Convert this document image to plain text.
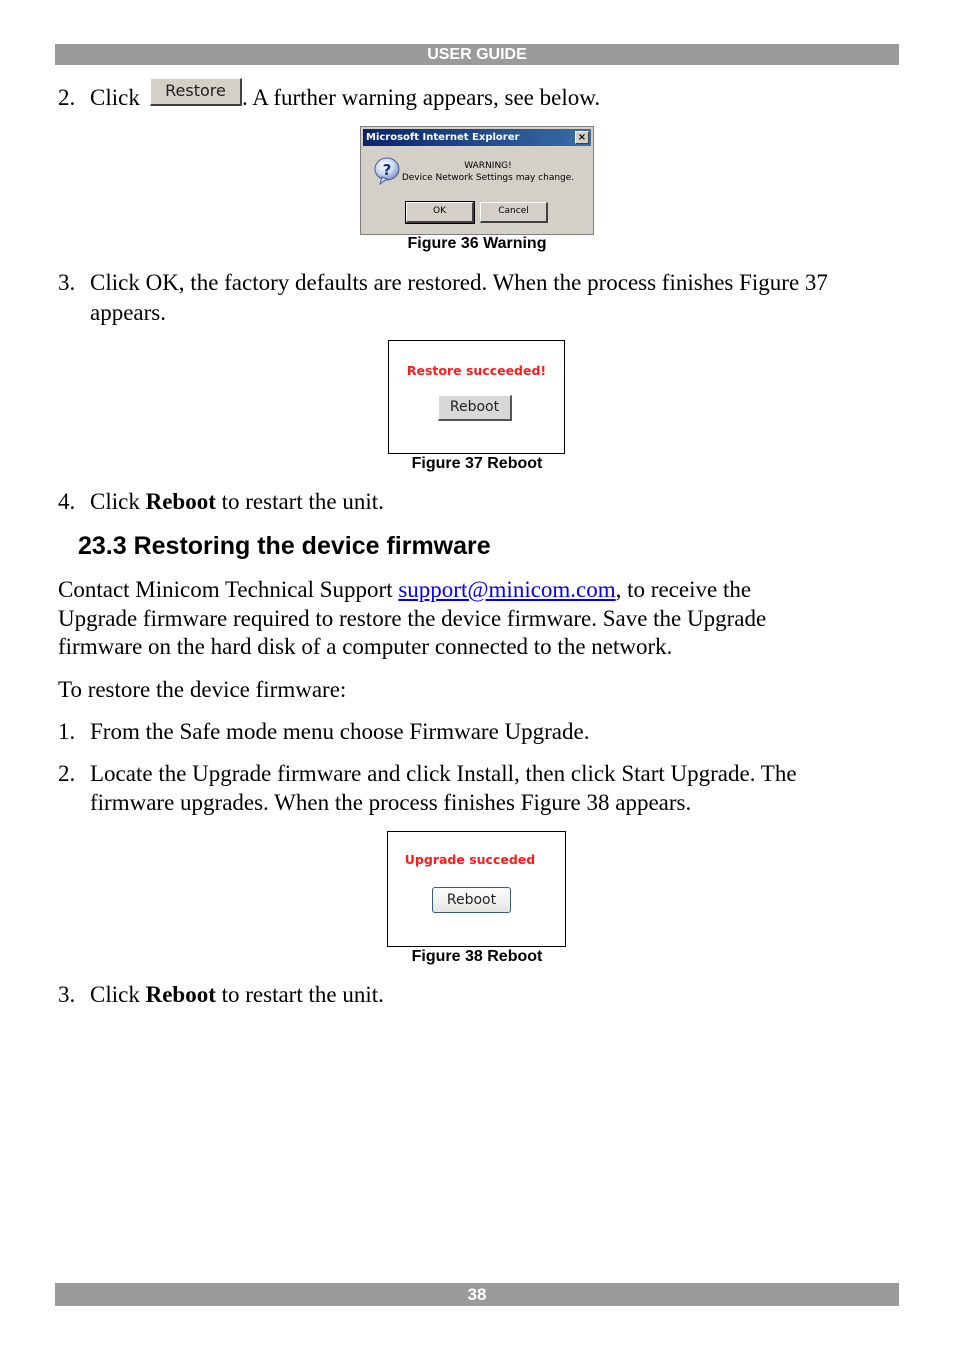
USER GUIDE
2. Click	. A further warning appears, see below.
Restore
Microsoft Internet Explorer	×
?	WARNING!
Device Network Settings may change.
OK	Cancel
Figure 36 Warning
3. Click OK, the factory defaults are restored. When the process finishes Figure 37
appears.
Restore succeeded!
Reboot
Figure 37 Reboot
4. Click Reboot to restart the unit.
23.3 Restoring the device firmware
Contact Minicom Technical Support support@minicom.com, to receive the
Upgrade firmware required to restore the device firmware. Save the Upgrade
firmware on the hard disk of a computer connected to the network.
To restore the device firmware:
1. From the Safe mode menu choose Firmware Upgrade.
2. Locate the Upgrade firmware and click Install, then click Start Upgrade. The
firmware upgrades. When the process finishes Figure 38 appears.
Upgrade succeded
Reboot
Figure 38 Reboot
3. Click Reboot to restart the unit.
38
